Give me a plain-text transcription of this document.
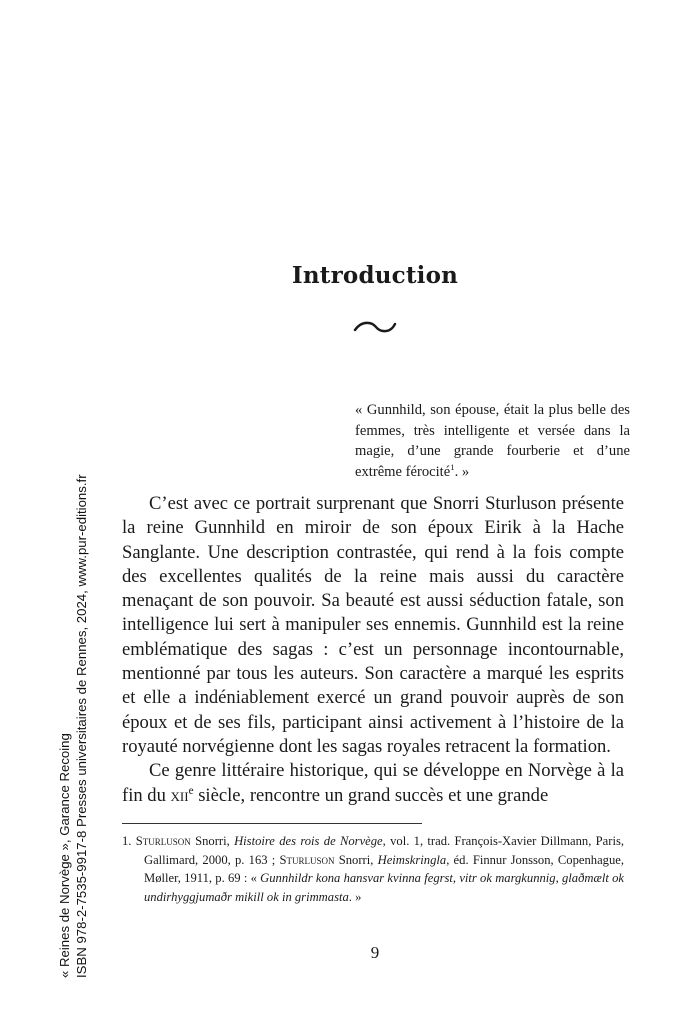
Introduction

« Gunnhild, son épouse, était la plus belle des femmes, très intelligente et versée dans la magie, d’une grande fourberie et d’une extrême férocité$^1$. »

C’est avec ce portrait surprenant que Snorri Sturluson présente la reine Gunnhild en miroir de son époux Eirik à la Hache Sanglante. Une description contrastée, qui rend à la fois compte des excellentes qualités de la reine mais aussi du caractère menaçant de son pouvoir. Sa beauté est aussi séduction fatale, son intelligence lui sert à manipuler ses ennemis. Gunnhild est la reine emblématique des sagas : c’est un personnage incontournable, mentionné par tous les auteurs. Son caractère a marqué les esprits et elle a indéniablement exercé un grand pouvoir auprès de son époux et de ses fils, participant ainsi activement à l’histoire de la royauté norvégienne dont les sagas royales retracent la formation.

Ce genre littéraire historique, qui se développe en Norvège à la fin du xii$^e$ siècle, rencontre un grand succès et une grande

1. Sturluson Snorri, Histoire des rois de Norvège, vol. 1, trad. François-Xavier Dillmann, Paris, Gallimard, 2000, p. 163 ; Sturluson Snorri, Heimskringla, éd. Finnur Jonsson, Copenhague, Møller, 1911, p. 69 : « Gunnhildr kona hansvar kvinna fegrst, vitr ok margkunnig, glaðmælt ok undirhyggjumaðr mikill ok in grimmasta. »

9
« Reines de Norvège », Garance Recoing ISBN 978-2-7535-9917-8 Presses universitaires de Rennes, 2024, www.pur-editions.fr
